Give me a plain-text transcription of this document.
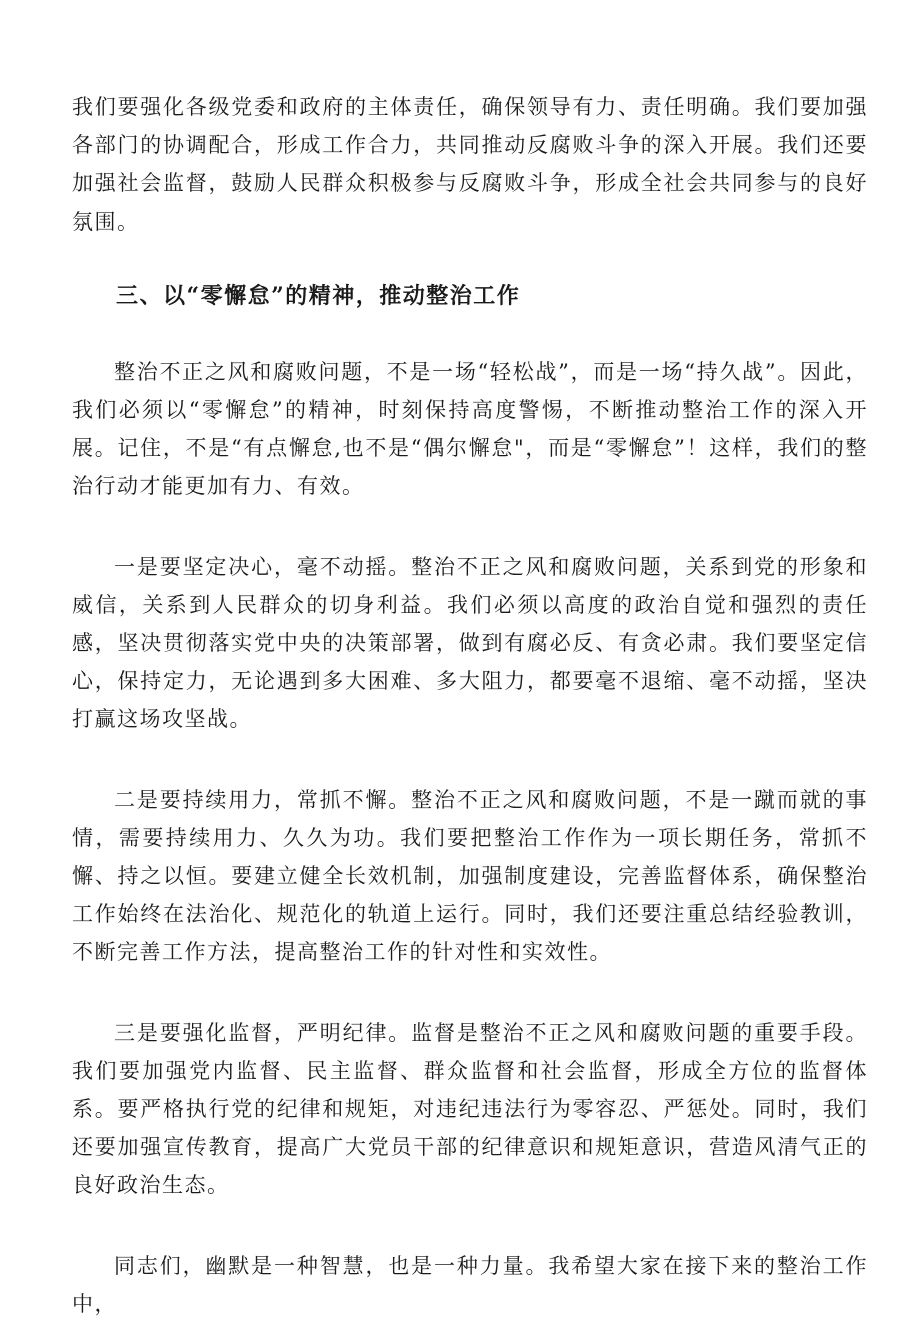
我们要强化各级党委和政府的主体责任，确保领导有力、责任明确。我们要加强各部门的协调配合，形成工作合力，共同推动反腐败斗争的深入开展。我们还要加强社会监督，鼓励人民群众积极参与反腐败斗争，形成全社会共同参与的良好氛围。

三、以“零懈怠”的精神，推动整治工作

整治不正之风和腐败问题，不是一场“轻松战”，而是一场“持久战”。因此，我们必须以“零懈怠”的精神，时刻保持高度警惕，不断推动整治工作的深入开展。记住，不是“有点懈怠,也不是“偶尔懈怠"，而是“零懈怠”！这样，我们的整治行动才能更加有力、有效。

一是要坚定决心，毫不动摇。整治不正之风和腐败问题，关系到党的形象和威信，关系到人民群众的切身利益。我们必须以高度的政治自觉和强烈的责任感，坚决贯彻落实党中央的决策部署，做到有腐必反、有贪必肃。我们要坚定信心，保持定力，无论遇到多大困难、多大阻力，都要毫不退缩、毫不动摇，坚决打赢这场攻坚战。

二是要持续用力，常抓不懈。整治不正之风和腐败问题，不是一蹴而就的事情，需要持续用力、久久为功。我们要把整治工作作为一项长期任务，常抓不懈、持之以恒。要建立健全长效机制，加强制度建设，完善监督体系，确保整治工作始终在法治化、规范化的轨道上运行。同时，我们还要注重总结经验教训，不断完善工作方法，提高整治工作的针对性和实效性。

三是要强化监督，严明纪律。监督是整治不正之风和腐败问题的重要手段。我们要加强党内监督、民主监督、群众监督和社会监督，形成全方位的监督体系。要严格执行党的纪律和规矩，对违纪违法行为零容忍、严惩处。同时，我们还要加强宣传教育，提高广大党员干部的纪律意识和规矩意识，营造风清气正的良好政治生态。

同志们，幽默是一种智慧，也是一种力量。我希望大家在接下来的整治工作中，
